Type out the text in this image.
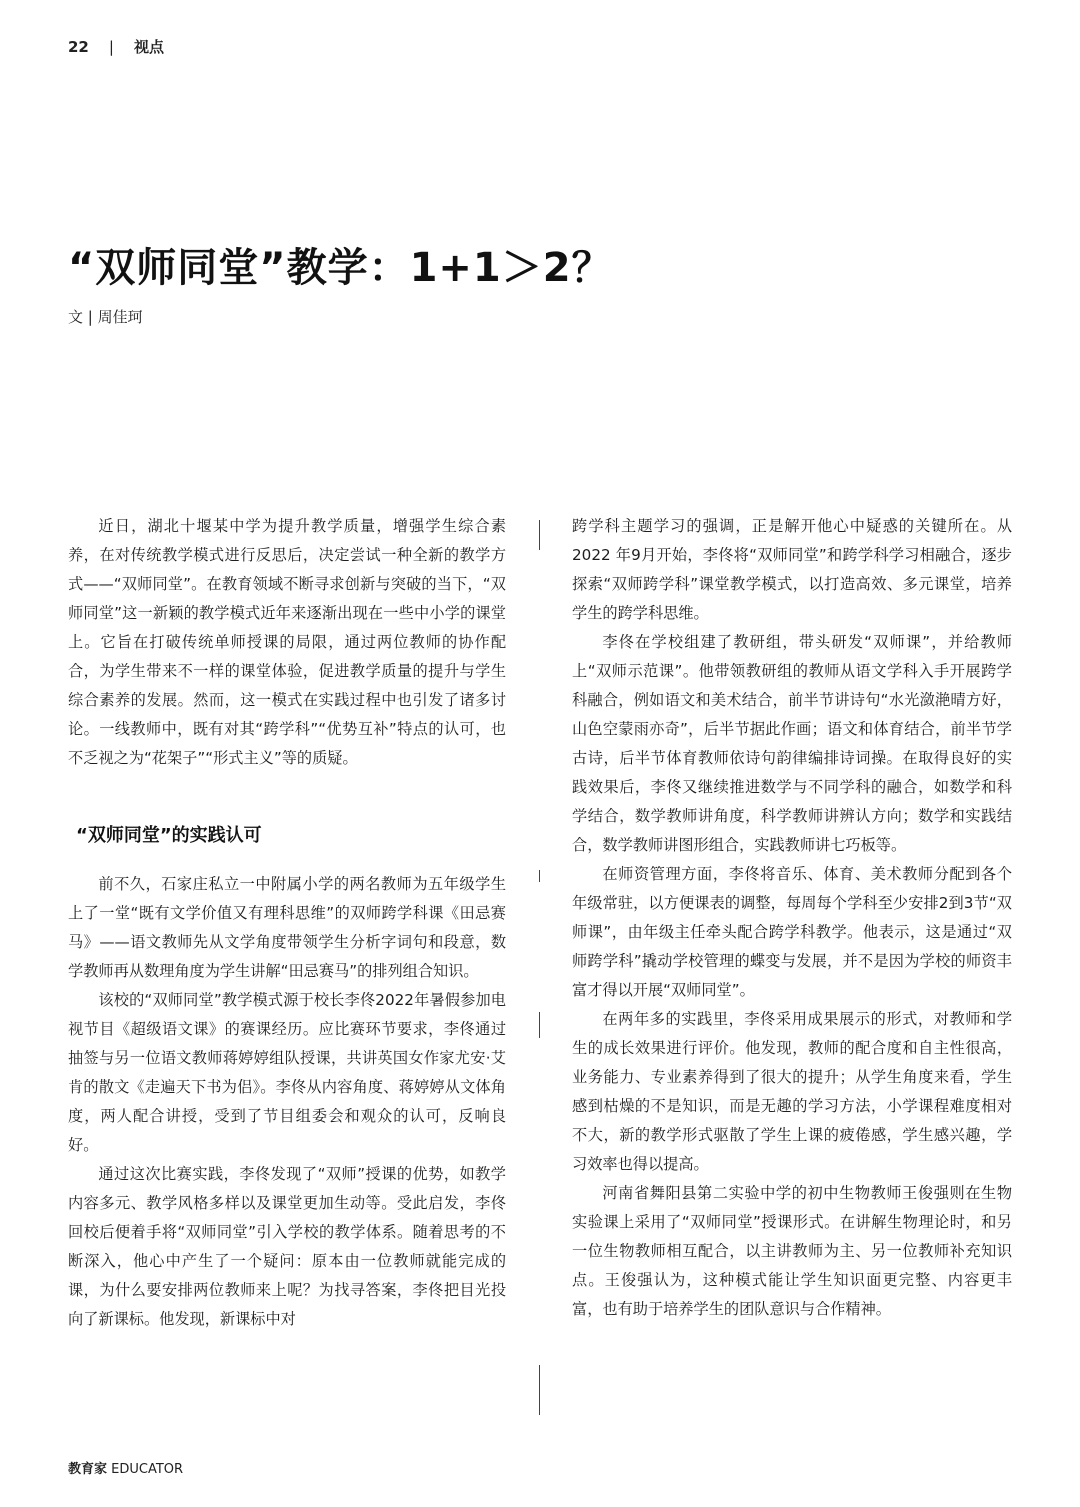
22 | 视点
“双师同堂”教学：1+1＞2？
文 | 周佳珂

近日，湖北十堰某中学为提升教学质量，增强学生综合素养，在对传统教学模式进行反思后，决定尝试一种全新的教学方式——“双师同堂”。在教育领域不断寻求创新与突破的当下，“双师同堂”这一新颖的教学模式近年来逐渐出现在一些中小学的课堂上。它旨在打破传统单师授课的局限，通过两位教师的协作配合，为学生带来不一样的课堂体验，促进教学质量的提升与学生综合素养的发展。然而，这一模式在实践过程中也引发了诸多讨论。一线教师中，既有对其“跨学科”“优势互补”特点的认可，也不乏视之为“花架子”“形式主义”等的质疑。

“双师同堂”的实践认可

前不久，石家庄私立一中附属小学的两名教师为五年级学生上了一堂“既有文学价值又有理科思维”的双师跨学科课《田忌赛马》——语文教师先从文学角度带领学生分析字词句和段意，数学教师再从数理角度为学生讲解“田忌赛马”的排列组合知识。

该校的“双师同堂”教学模式源于校长李佟2022年暑假参加电视节目《超级语文课》的赛课经历。应比赛环节要求，李佟通过抽签与另一位语文教师蒋婷婷组队授课，共讲英国女作家尤安·艾肯的散文《走遍天下书为侣》。李佟从内容角度、蒋婷婷从文体角度，两人配合讲授，受到了节目组委会和观众的认可，反响良好。

通过这次比赛实践，李佟发现了“双师”授课的优势，如教学内容多元、教学风格多样以及课堂更加生动等。受此启发，李佟回校后便着手将“双师同堂”引入学校的教学体系。随着思考的不断深入，他心中产生了一个疑问：原本由一位教师就能完成的课，为什么要安排两位教师来上呢？为找寻答案，李佟把目光投向了新课标。他发现，新课标中对

跨学科主题学习的强调，正是解开他心中疑惑的关键所在。从 2022 年9月开始，李佟将“双师同堂”和跨学科学习相融合，逐步探索“双师跨学科”课堂教学模式，以打造高效、多元课堂，培养学生的跨学科思维。

李佟在学校组建了教研组，带头研发“双师课”，并给教师上“双师示范课”。他带领教研组的教师从语文学科入手开展跨学科融合，例如语文和美术结合，前半节讲诗句“水光潋滟晴方好，山色空蒙雨亦奇”，后半节据此作画；语文和体育结合，前半节学古诗，后半节体育教师依诗句韵律编排诗词操。在取得良好的实践效果后，李佟又继续推进数学与不同学科的融合，如数学和科学结合，数学教师讲角度，科学教师讲辨认方向；数学和实践结合，数学教师讲图形组合，实践教师讲七巧板等。

在师资管理方面，李佟将音乐、体育、美术教师分配到各个年级常驻，以方便课表的调整，每周每个学科至少安排2到3节“双师课”，由年级主任牵头配合跨学科教学。他表示，这是通过“双师跨学科”撬动学校管理的蝶变与发展，并不是因为学校的师资丰富才得以开展“双师同堂”。

在两年多的实践里，李佟采用成果展示的形式，对教师和学生的成长效果进行评价。他发现，教师的配合度和自主性很高，业务能力、专业素养得到了很大的提升；从学生角度来看，学生感到枯燥的不是知识，而是无趣的学习方法，小学课程难度相对不大，新的教学形式驱散了学生上课的疲倦感，学生感兴趣，学习效率也得以提高。

河南省舞阳县第二实验中学的初中生物教师王俊强则在生物实验课上采用了“双师同堂”授课形式。在讲解生物理论时，和另一位生物教师相互配合，以主讲教师为主、另一位教师补充知识点。王俊强认为，这种模式能让学生知识面更完整、内容更丰富，也有助于培养学生的团队意识与合作精神。

教育家 EDUCATOR
